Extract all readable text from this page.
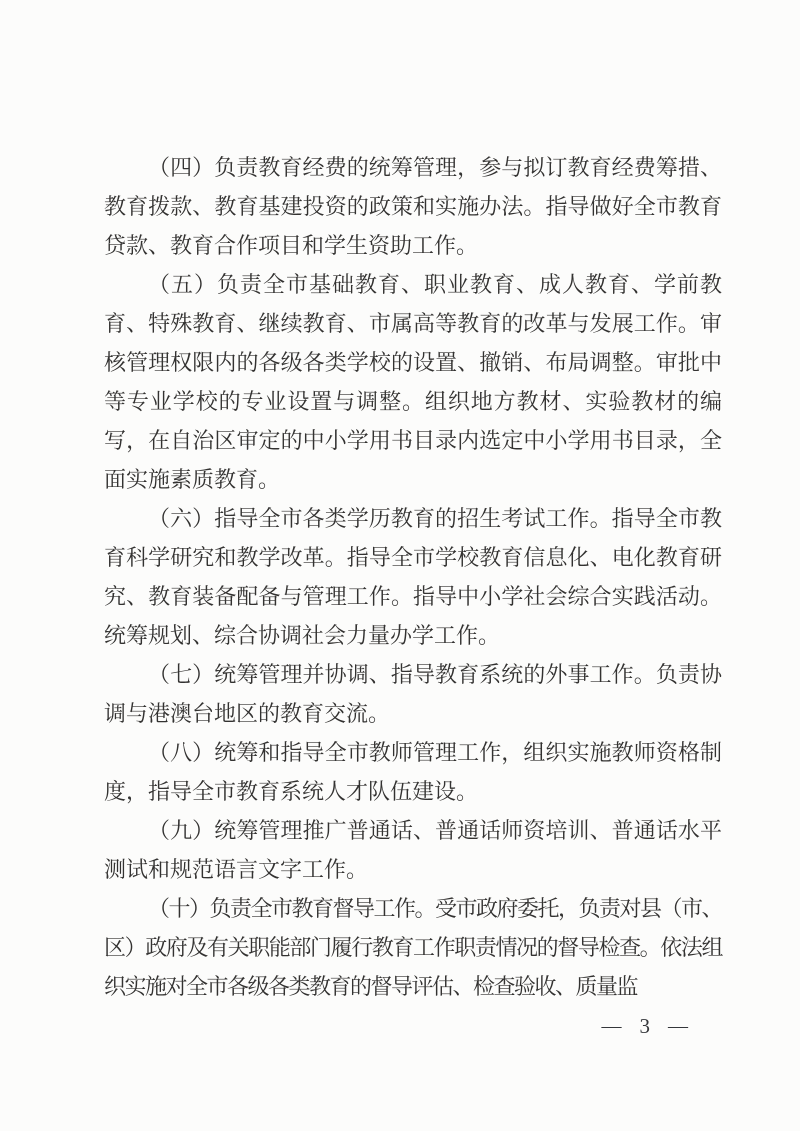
（四）负责教育经费的统筹管理，参与拟订教育经费筹措、教育拨款、教育基建投资的政策和实施办法。指导做好全市教育贷款、教育合作项目和学生资助工作。

（五）负责全市基础教育、职业教育、成人教育、学前教育、特殊教育、继续教育、市属高等教育的改革与发展工作。审核管理权限内的各级各类学校的设置、撤销、布局调整。审批中等专业学校的专业设置与调整。组织地方教材、实验教材的编写，在自治区审定的中小学用书目录内选定中小学用书目录，全面实施素质教育。

（六）指导全市各类学历教育的招生考试工作。指导全市教育科学研究和教学改革。指导全市学校教育信息化、电化教育研究、教育装备配备与管理工作。指导中小学社会综合实践活动。统筹规划、综合协调社会力量办学工作。

（七）统筹管理并协调、指导教育系统的外事工作。负责协调与港澳台地区的教育交流。

（八）统筹和指导全市教师管理工作，组织实施教师资格制度，指导全市教育系统人才队伍建设。

（九）统筹管理推广普通话、普通话师资培训、普通话水平测试和规范语言文字工作。

（十）负责全市教育督导工作。受市政府委托，负责对县（市、区）政府及有关职能部门履行教育工作职责情况的督导检查。依法组织实施对全市各级各类教育的督导评估、检查验收、质量监

— 3 —
